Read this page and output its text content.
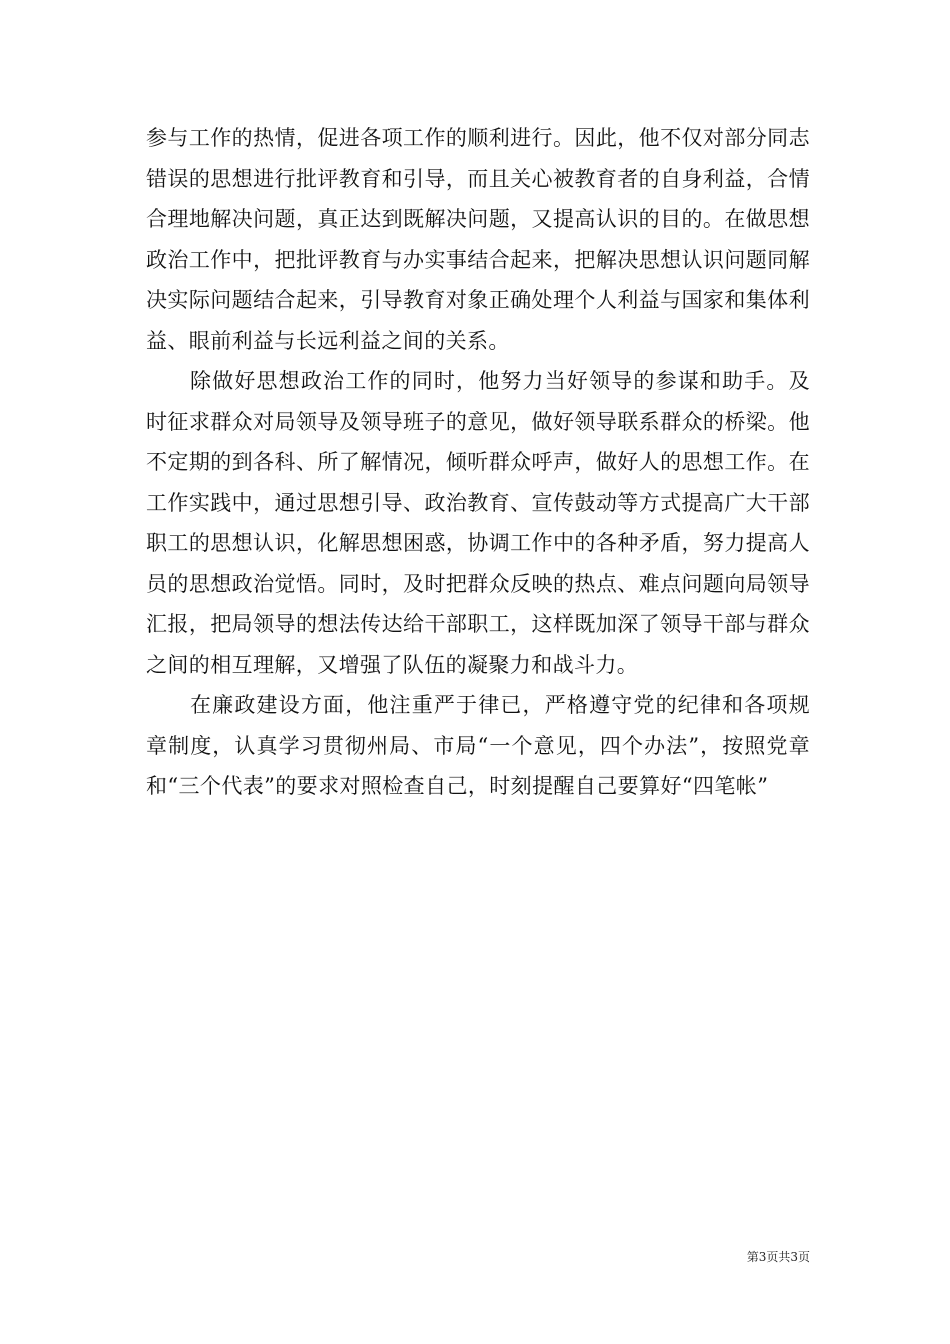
参与工作的热情，促进各项工作的顺利进行。因此，他不仅对部分同志错误的思想进行批评教育和引导，而且关心被教育者的自身利益，合情合理地解决问题，真正达到既解决问题，又提高认识的目的。在做思想政治工作中，把批评教育与办实事结合起来，把解决思想认识问题同解决实际问题结合起来，引导教育对象正确处理个人利益与国家和集体利益、眼前利益与长远利益之间的关系。

除做好思想政治工作的同时，他努力当好领导的参谋和助手。及时征求群众对局领导及领导班子的意见，做好领导联系群众的桥梁。他不定期的到各科、所了解情况，倾听群众呼声，做好人的思想工作。在工作实践中，通过思想引导、政治教育、宣传鼓动等方式提高广大干部职工的思想认识，化解思想困惑，协调工作中的各种矛盾，努力提高人员的思想政治觉悟。同时，及时把群众反映的热点、难点问题向局领导汇报，把局领导的想法传达给干部职工，这样既加深了领导干部与群众之间的相互理解，又增强了队伍的凝聚力和战斗力。

在廉政建设方面，他注重严于律已，严格遵守党的纪律和各项规章制度，认真学习贯彻州局、市局“一个意见，四个办法”，按照党章和“三个代表”的要求对照检查自己，时刻提醒自己要算好“四笔帐”

第3页共3页
